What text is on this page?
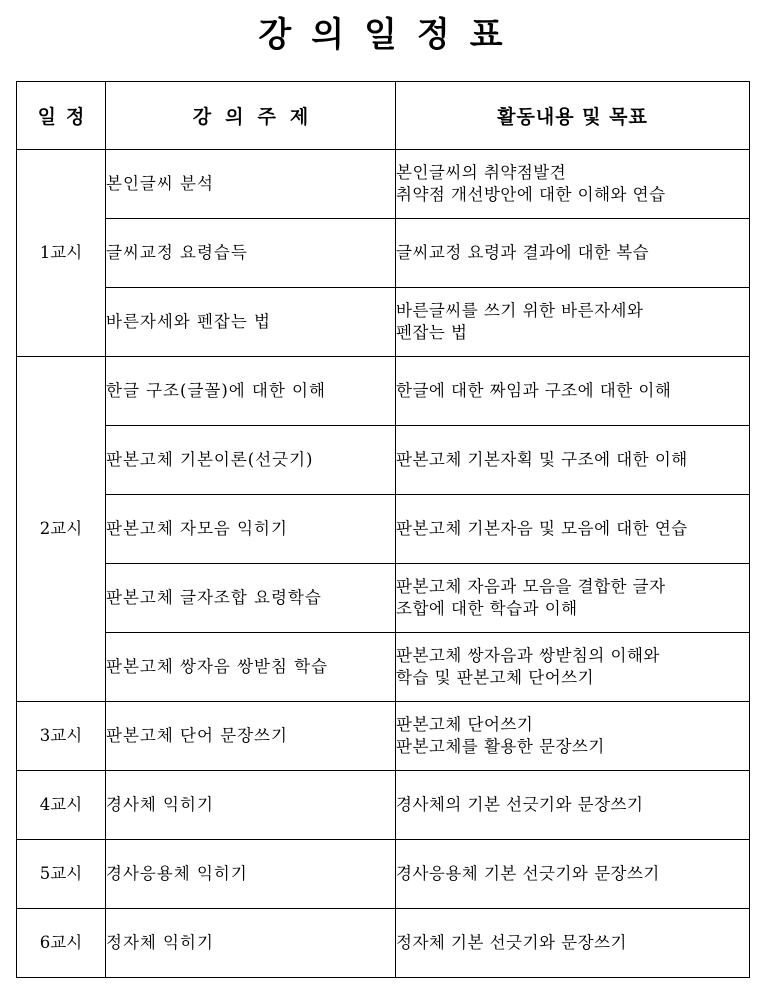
강의일정표
일정	강의주제	활동내용 및 목표
1교시	본인글씨 분석	본인글씨의 취약점발견
취약점 개선방안에 대한 이해와 연습
	글씨교정 요령습득	글씨교정 요령과 결과에 대한 복습
	바른자세와 펜잡는 법	바른글씨를 쓰기 위한 바른자세와
펜잡는 법
2교시	한글 구조(글꼴)에 대한 이해	한글에 대한 짜임과 구조에 대한 이해
	판본고체 기본이론(선긋기)	판본고체 기본자획 및 구조에 대한 이해
	판본고체 자모음 익히기	판본고체 기본자음 및 모음에 대한 연습
	판본고체 글자조합 요령학습	판본고체 자음과 모음을 결합한 글자
조합에 대한 학습과 이해
	판본고체 쌍자음 쌍받침 학습	판본고체 쌍자음과 쌍받침의 이해와
학습 및 판본고체 단어쓰기
3교시	판본고체 단어 문장쓰기	판본고체 단어쓰기
판본고체를 활용한 문장쓰기
4교시	경사체 익히기	경사체의 기본 선긋기와 문장쓰기
5교시	경사응용체 익히기	경사응용체 기본 선긋기와 문장쓰기
6교시	정자체 익히기	정자체 기본 선긋기와 문장쓰기
